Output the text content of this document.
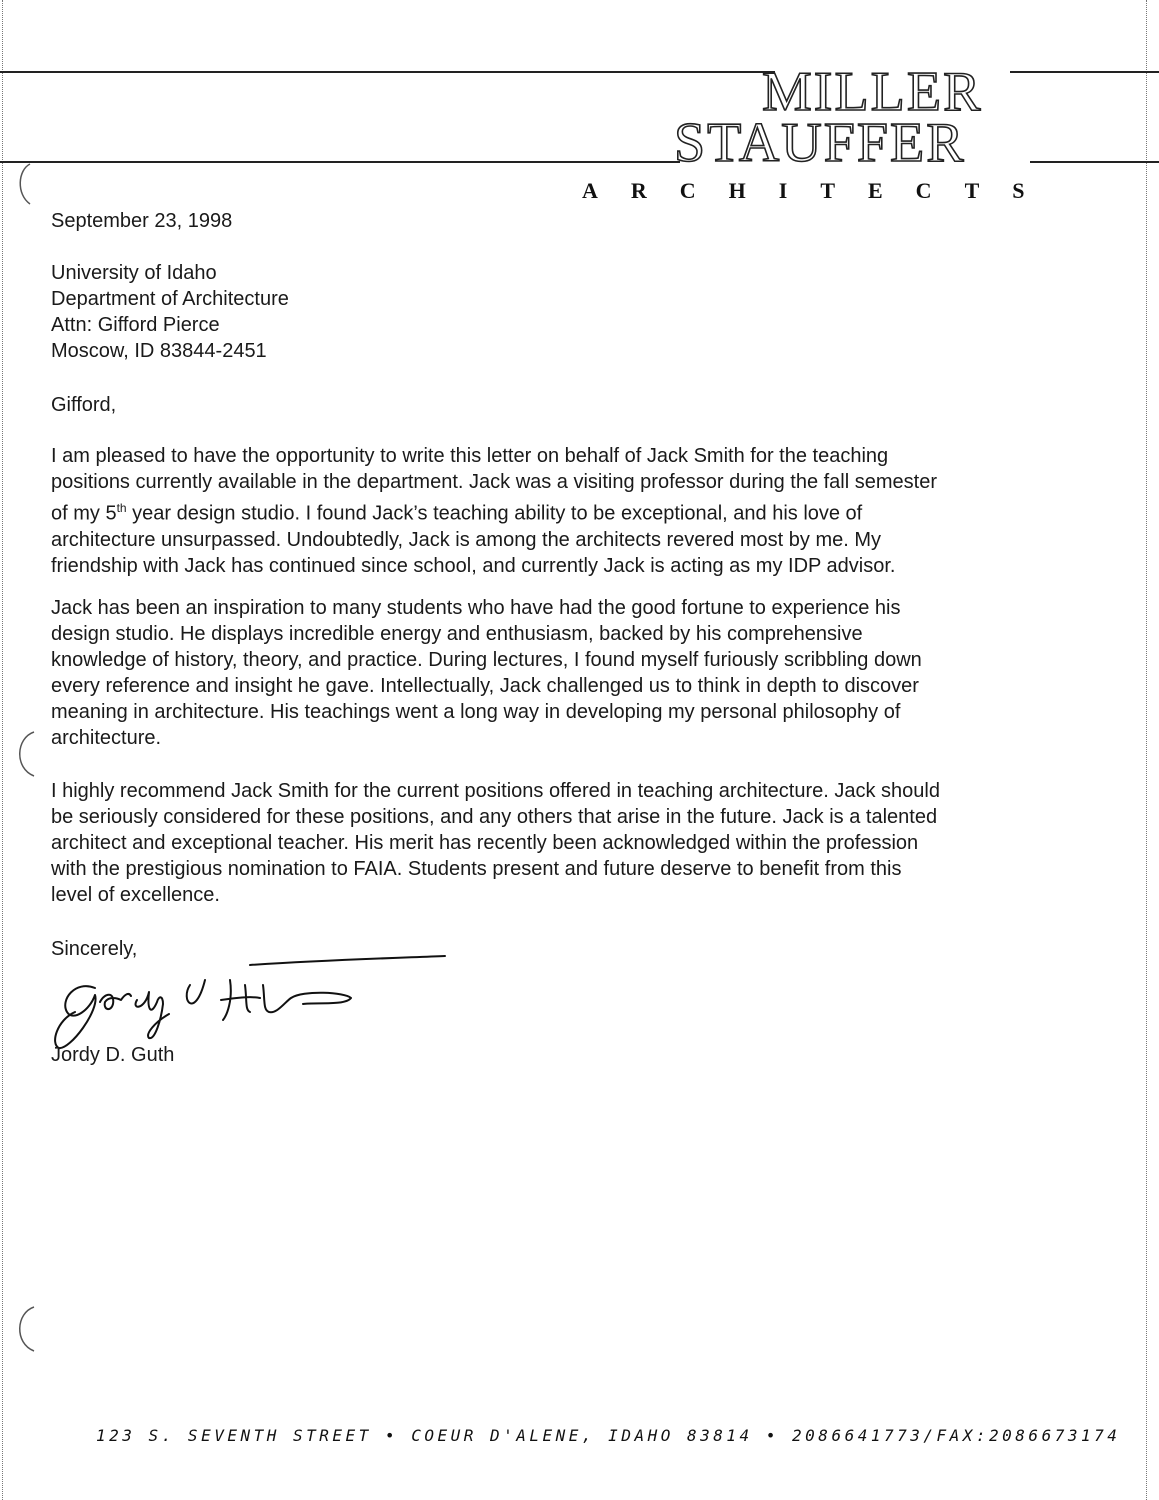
MILLER
STAUFFER
ARCHITECTS
September 23, 1998
University of Idaho
Department of Architecture
Attn: Gifford Pierce
Moscow, ID 83844-2451
Gifford,
I am pleased to have the opportunity to write this letter on behalf of Jack Smith for the teaching
positions currently available in the department. Jack was a visiting professor during the fall semester
of my 5th year design studio. I found Jack’s teaching ability to be exceptional, and his love of
architecture unsurpassed. Undoubtedly, Jack is among the architects revered most by me. My
friendship with Jack has continued since school, and currently Jack is acting as my IDP advisor.
Jack has been an inspiration to many students who have had the good fortune to experience his
design studio. He displays incredible energy and enthusiasm, backed by his comprehensive
knowledge of history, theory, and practice. During lectures, I found myself furiously scribbling down
every reference and insight he gave. Intellectually, Jack challenged us to think in depth to discover
meaning in architecture. His teachings went a long way in developing my personal philosophy of
architecture.
I highly recommend Jack Smith for the current positions offered in teaching architecture. Jack should
be seriously considered for these positions, and any others that arise in the future. Jack is a talented
architect and exceptional teacher. His merit has recently been acknowledged within the profession
with the prestigious nomination to FAIA. Students present and future deserve to benefit from this
level of excellence.
Sincerely,
Jordy D. Guth
123 S. SEVENTH STREET • COEUR D'ALENE, IDAHO 83814 • 2086641773/FAX:2086673174
